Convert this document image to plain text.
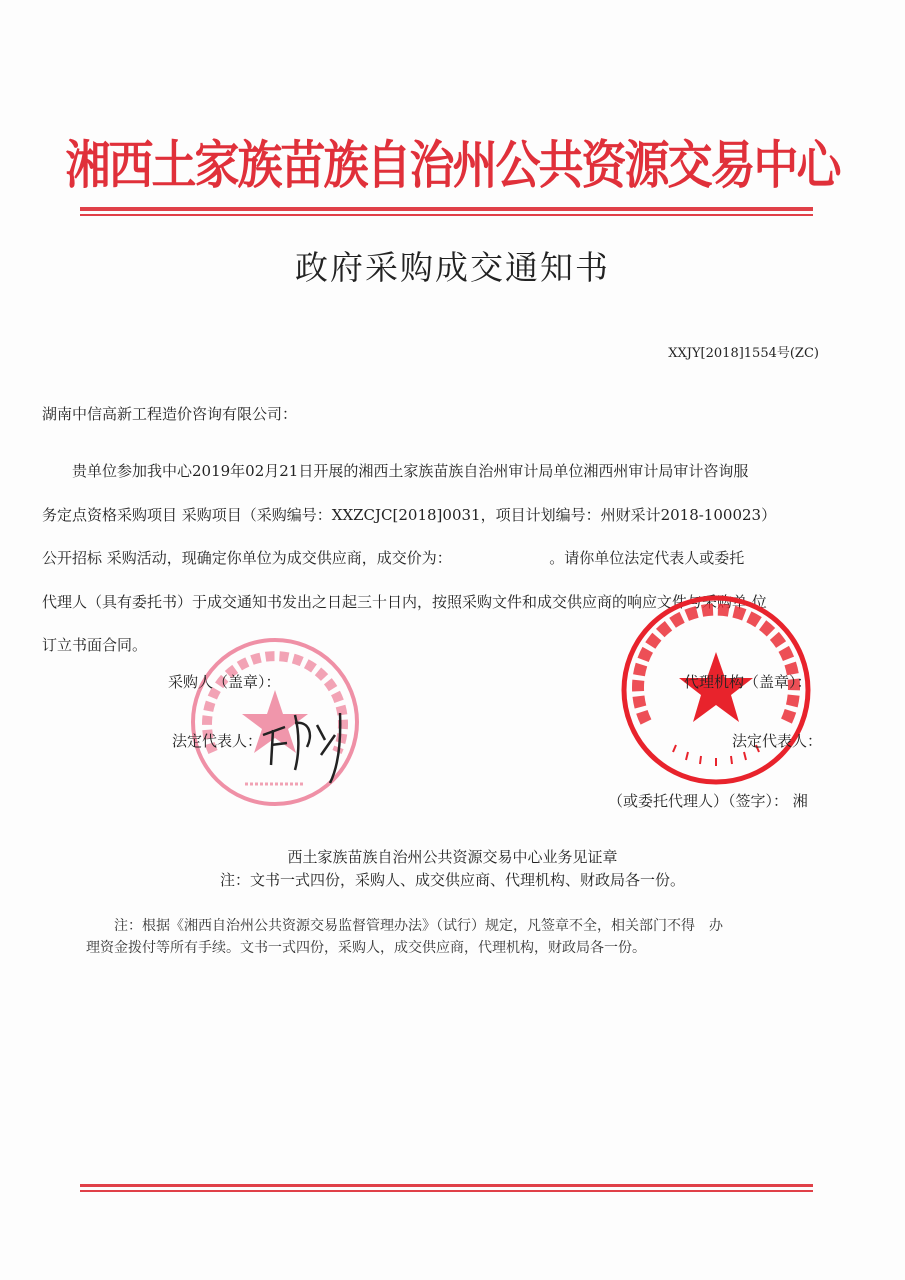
湘西土家族苗族自治州公共资源交易中心
政府采购成交通知书
XXJY[2018]1554号(ZC)
湖南中信高新工程造价咨询有限公司：
　　贵单位参加我中心2019年02月21日开展的湘西土家族苗族自治州审计局单位湘西州审计局审计咨询服
务定点资格采购项目 采购项目（采购编号：XXZCJC[2018]0031，项目计划编号：州财采计2018-100023）
公开招标 采购活动，现确定你单位为成交供应商，成交价为：　　　　　　　。请你单位法定代表人或委托
代理人（具有委托书）于成交通知书发出之日起三十日内，按照采购文件和成交供应商的响应文件与采购单 位
订立书面合同。
采购人（盖章）：	代理机构（盖章）：
法定代表人：	法定代表人：
（或委托代理人）（签字）： 湘
西土家族苗族自治州公共资源交易中心业务见证章
注：文书一式四份，采购人、成交供应商、代理机构、财政局各一份。
　　注：根据《湘西自治州公共资源交易监督管理办法》（试行）规定，凡签章不全，相关部门不得　办
理资金拨付等所有手续。文书一式四份，采购人，成交供应商，代理机构，财政局各一份。
